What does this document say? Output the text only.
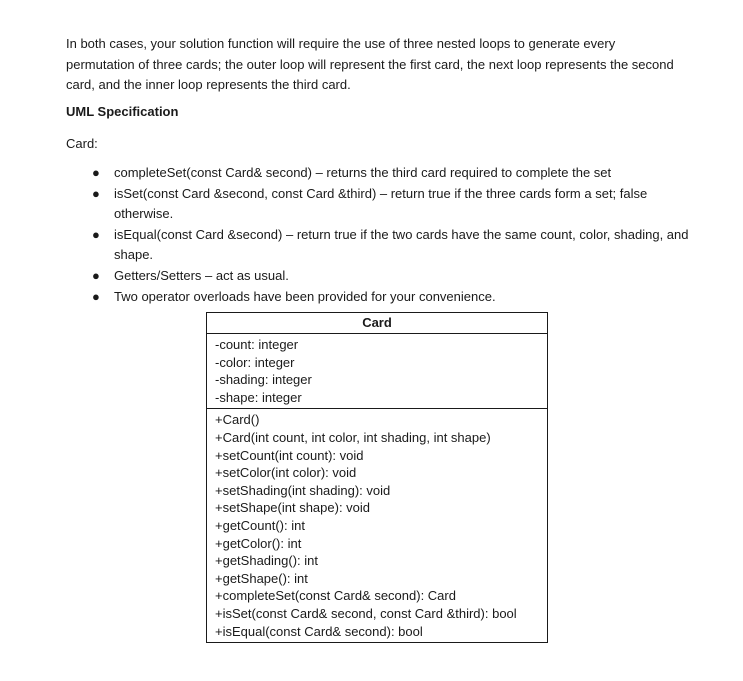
In both cases, your solution function will require the use of three nested loops to generate every permutation of three cards; the outer loop will represent the first card, the next loop represents the second card, and the inner loop represents the third card.

UML Specification

Card:

● completeSet(const Card& second) – returns the third card required to complete the set
● isSet(const Card &second, const Card &third) – return true if the three cards form a set; false otherwise.
● isEqual(const Card &second) – return true if the two cards have the same count, color, shading, and shape.
● Getters/Setters – act as usual.
● Two operator overloads have been provided for your convenience.
Card
-count: integer
-color: integer
-shading: integer
-shape: integer
+Card()
+Card(int count, int color, int shading, int shape)
+setCount(int count): void
+setColor(int color): void
+setShading(int shading): void
+setShape(int shape): void
+getCount(): int
+getColor(): int
+getShading(): int
+getShape(): int
+completeSet(const Card& second): Card
+isSet(const Card& second, const Card &third): bool
+isEqual(const Card& second): bool
